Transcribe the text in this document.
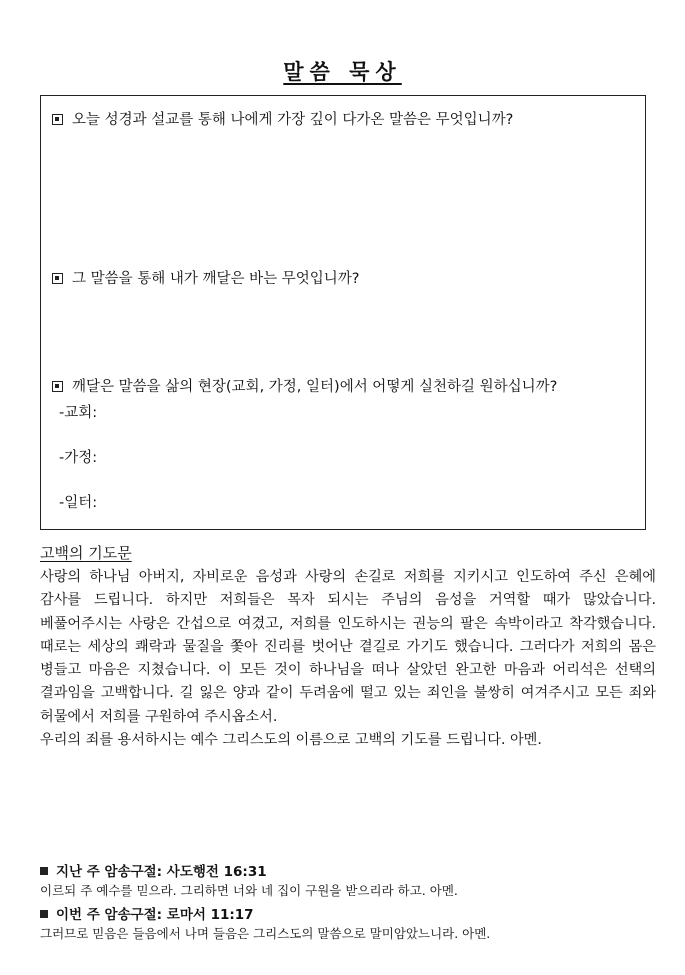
말씀 묵상
오늘 성경과 설교를 통해 나에게 가장 깊이 다가온 말씀은 무엇입니까?
그 말씀을 통해 내가 깨달은 바는 무엇입니까?
깨달은 말씀을 삶의 현장(교회, 가정, 일터)에서 어떻게 실천하길 원하십니까?
-교회:
-가정:
-일터:
고백의 기도문

사랑의 하나님 아버지, 자비로운 음성과 사랑의 손길로 저희를 지키시고 인도하여 주신 은혜에 감사를 드립니다. 하지만 저희들은 목자 되시는 주님의 음성을 거역할 때가 많았습니다. 베풀어주시는 사랑은 간섭으로 여겼고, 저희를 인도하시는 권능의 팔은 속박이라고 착각했습니다. 때로는 세상의 쾌락과 물질을 쫓아 진리를 벗어난 곁길로 가기도 했습니다. 그러다가 저희의 몸은 병들고 마음은 지쳤습니다. 이 모든 것이 하나님을 떠나 살았던 완고한 마음과 어리석은 선택의 결과임을 고백합니다. 길 잃은 양과 같이 두려움에 떨고 있는 죄인을 불쌍히 여겨주시고 모든 죄와 허물에서 저희를 구원하여 주시옵소서.

우리의 죄를 용서하시는 예수 그리스도의 이름으로 고백의 기도를 드립니다. 아멘.

지난 주 암송구절: 사도행전 16:31
이르되 주 예수를 믿으라. 그리하면 너와 네 집이 구원을 받으리라 하고. 아멘.
이번 주 암송구절: 로마서 11:17
그러므로 믿음은 들음에서 나며 들음은 그리스도의 말씀으로 말미암았느니라. 아멘.
